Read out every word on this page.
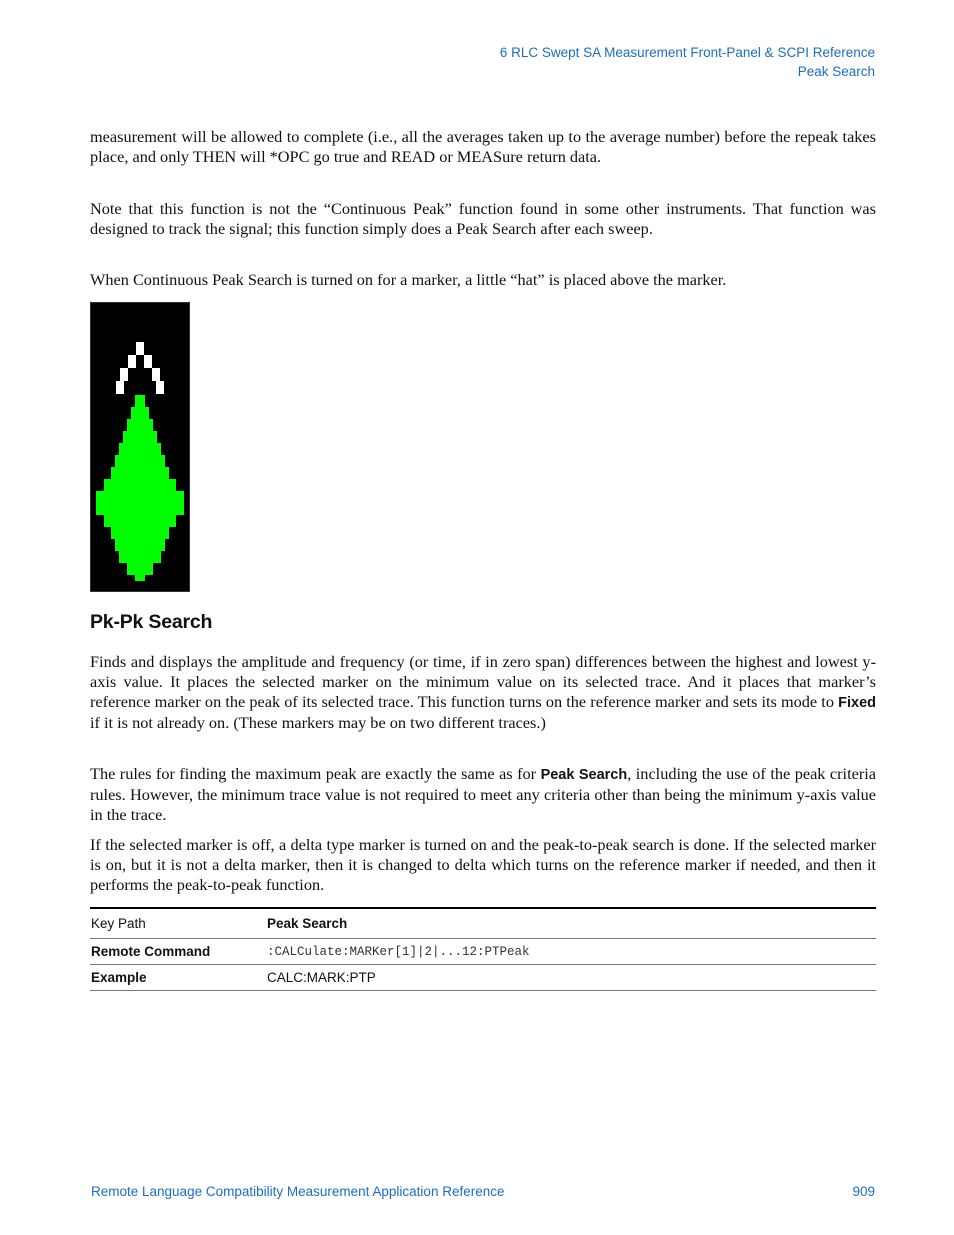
6 RLC Swept SA Measurement Front-Panel & SCPI Reference
Peak Search

measurement will be allowed to complete (i.e., all the averages taken up to the average number) before the repeak takes place, and only THEN will *OPC go true and READ or MEASure return data.

Note that this function is not the “Continuous Peak” function found in some other instruments. That function was designed to track the signal; this function simply does a Peak Search after each sweep.

When Continuous Peak Search is turned on for a marker, a little “hat” is placed above the marker.

Pk-Pk Search

Finds and displays the amplitude and frequency (or time, if in zero span) differences between the highest and lowest y-axis value. It places the selected marker on the minimum value on its selected trace. And it places that marker’s reference marker on the peak of its selected trace. This function turns on the reference marker and sets its mode to Fixed if it is not already on. (These markers may be on two different traces.)

The rules for finding the maximum peak are exactly the same as for Peak Search, including the use of the peak criteria rules. However, the minimum trace value is not required to meet any criteria other than being the minimum y-axis value in the trace.

If the selected marker is off, a delta type marker is turned on and the peak-to-peak search is done. If the selected marker is on, but it is not a delta marker, then it is changed to delta which turns on the reference marker if needed, and then it performs the peak-to-peak function.

Key Path	Peak Search
Remote Command	:CALCulate:MARKer[1]|2|...12:PTPeak
Example	CALC:MARK:PTP
Remote Language Compatibility Measurement Application Reference	909
